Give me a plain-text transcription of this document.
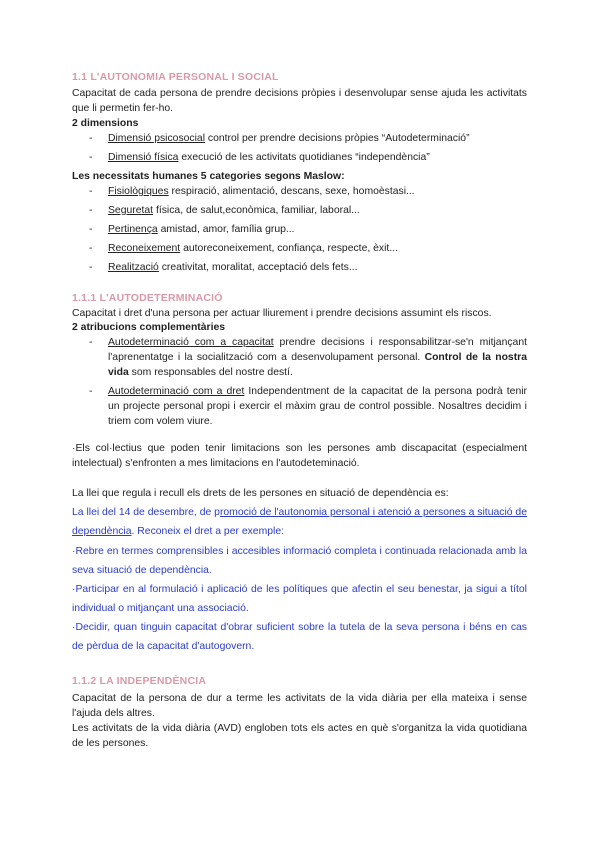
1.1 L'AUTONOMIA PERSONAL I SOCIAL
Capacitat de cada persona de prendre decisions pròpies i desenvolupar sense ajuda les activitats que li permetin fer-ho.
2 dimensions
- Dimensió psicosocial control per prendre decisions pròpies “Autodeterminació”
- Dimensió física execució de les activitats quotidianes “independència”
Les necessitats humanes 5 categories segons Maslow:
- Fisiològiques respiració, alimentació, descans, sexe, homoèstasi...
- Seguretat física, de salut,econòmica, familiar, laboral...
- Pertinença amistad, amor, família grup...
- Reconeixement autoreconeixement, confiança, respecte, èxit...
- Realització creativitat, moralitat, acceptació dels fets...
1.1.1 L'AUTODETERMINACIÓ
Capacitat i dret d'una persona per actuar lliurement i prendre decisions assumint els riscos.
2 atribucions complementàries
- Autodeterminació com a capacitat prendre decisions i responsabilitzar-se'n mitjançant l'aprenentatge i la socialització com a desenvolupament personal. Control de la nostra vida som responsables del nostre destí.
- Autodeterminació com a dret Independentment de la capacitat de la persona podrà tenir un projecte personal propi i exercir el màxim grau de control possible. Nosaltres decidim i triem com volem viure.
·Els col·lectius que poden tenir limitacions son les persones amb discapacitat (especialment intelectual) s'enfronten a mes limitacions en l'autodeteminació.
La llei que regula i recull els drets de les persones en situació de dependència es:
La llei del 14 de desembre, de promoció de l'autonomia personal i atenció a persones a situació de dependència. Reconeix el dret a per exemple:
·Rebre en termes comprensibles i accesibles informació completa i continuada relacionada amb la seva situació de dependència.
·Participar en al formulació i aplicació de les polítiques que afectin el seu benestar, ja sigui a títol individual o mitjançant una associació.
·Decidir, quan tinguin capacitat d'obrar suficient sobre la tutela de la seva persona i béns en cas de pèrdua de la capacitat d'autogovern.
1.1.2 LA INDEPENDÈNCIA
Capacitat de la persona de dur a terme les activitats de la vida diària per ella mateixa i sense l'ajuda dels altres.
Les activitats de la vida diària (AVD) engloben tots els actes en què s'organitza la vida quotidiana de les persones.
